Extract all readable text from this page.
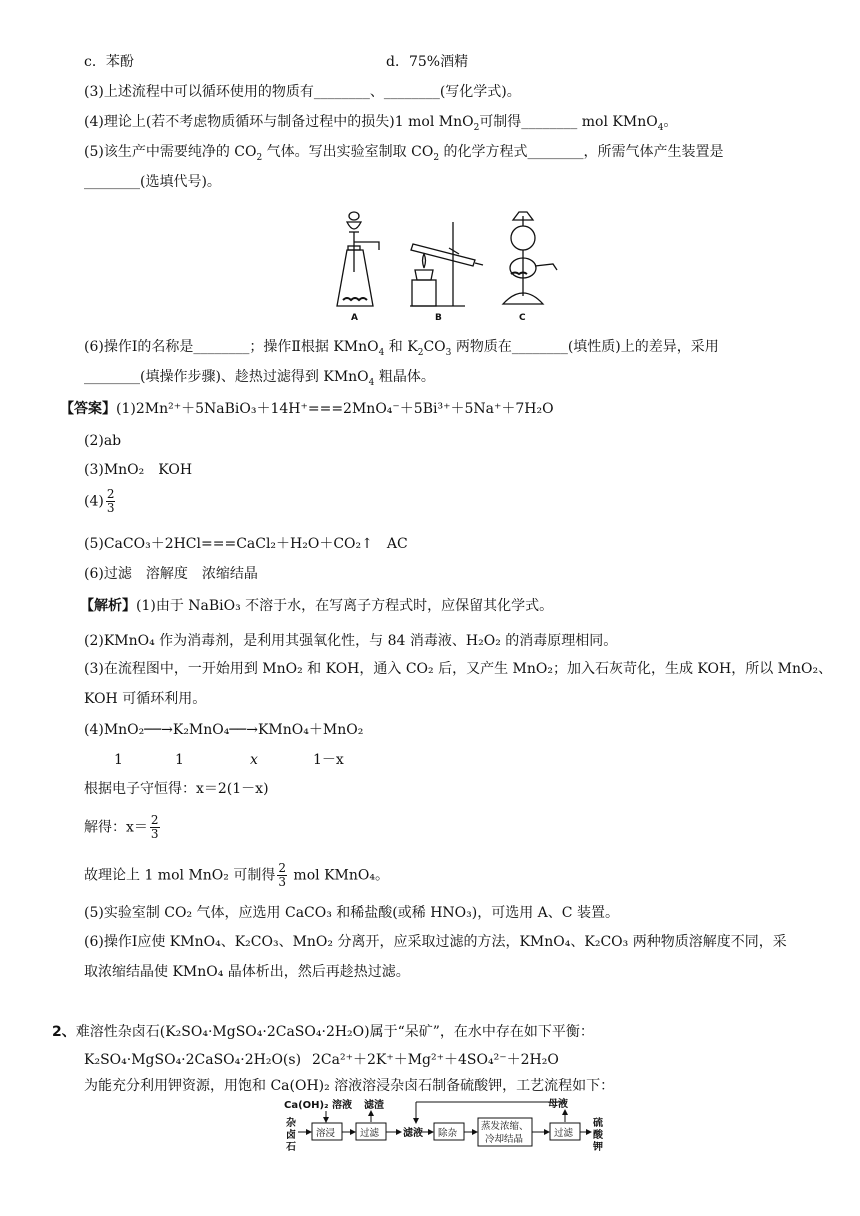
c．苯酚	d．75%酒精
(3)上述流程中可以循环使用的物质有________、________(写化学式)。
(4)理论上(若不考虑物质循环与制备过程中的损失)1 mol MnO$_2$可制得________ mol KMnO$_4$。
(5)该生产中需要纯净的 $CO_2$ 气体。写出实验室制取 $CO_2$ 的化学方程式________，所需气体产生装置是
________(选填代号)。
A	B	C
(6)操作Ⅰ的名称是________；操作Ⅱ根据 KMnO$_4$ 和 $K_2CO_3$ 两物质在________(填性质)上的差异，采用
________(填操作步骤)、趁热过滤得到 KMnO$_4$ 粗晶体。
【答案】(1)2Mn²⁺＋5NaBiO₃＋14H⁺===2MnO₄⁻＋5Bi³⁺＋5Na⁺＋7H₂O
(2)ab
(3)MnO₂　KOH
$(4) \frac{2}{3}$
(5)CaCO₃＋2HCl===CaCl₂＋H₂O＋CO₂↑　AC
(6)过滤　溶解度　浓缩结晶
【解析】(1)由于 NaBiO₃ 不溶于水，在写离子方程式时，应保留其化学式。
(2)KMnO₄ 作为消毒剂，是利用其强氧化性，与 84 消毒液、H₂O₂ 的消毒原理相同。
(3)在流程图中，一开始用到 MnO₂ 和 KOH，通入 CO₂ 后，又产生 MnO₂；加入石灰苛化，生成 KOH，所以 MnO₂、
KOH 可循环利用。
(4)MnO₂──→K₂MnO₄──→KMnO₄＋MnO₂
1	1	x	1－x
根据电子守恒得：x＝2(1－x)
解得：$x= \frac{2}{3}$
故理论上 1 mol MnO₂ 可制得 $\frac{2}{3}$ mol KMnO₄。
(5)实验室制 CO₂ 气体，应选用 CaCO₃ 和稀盐酸(或稀 HNO₃)，可选用 A、C 装置。
(6)操作Ⅰ应使 KMnO₄、K₂CO₃、MnO₂ 分离开，应采取过滤的方法，KMnO₄、K₂CO₃ 两种物质溶解度不同，采
取浓缩结晶使 KMnO₄ 晶体析出，然后再趁热过滤。
2、难溶性杂卤石(K₂SO₄·MgSO₄·2CaSO₄·2H₂O)属于“呆矿”，在水中存在如下平衡：
K₂SO₄·MgSO₄·2CaSO₄·2H₂O(s) 2Ca²⁺＋2K⁺＋Mg²⁺＋4SO₄²⁻＋2H₂O
为能充分利用钾资源，用饱和 Ca(OH)₂ 溶液溶浸杂卤石制备硫酸钾，工艺流程如下：
Ca(OH)₂ 溶液 滤渣	母液
杂
卤
石
硫
酸
钾
滤液
溶浸	过滤	除杂
蒸发浓缩、
冷却结晶
过滤
